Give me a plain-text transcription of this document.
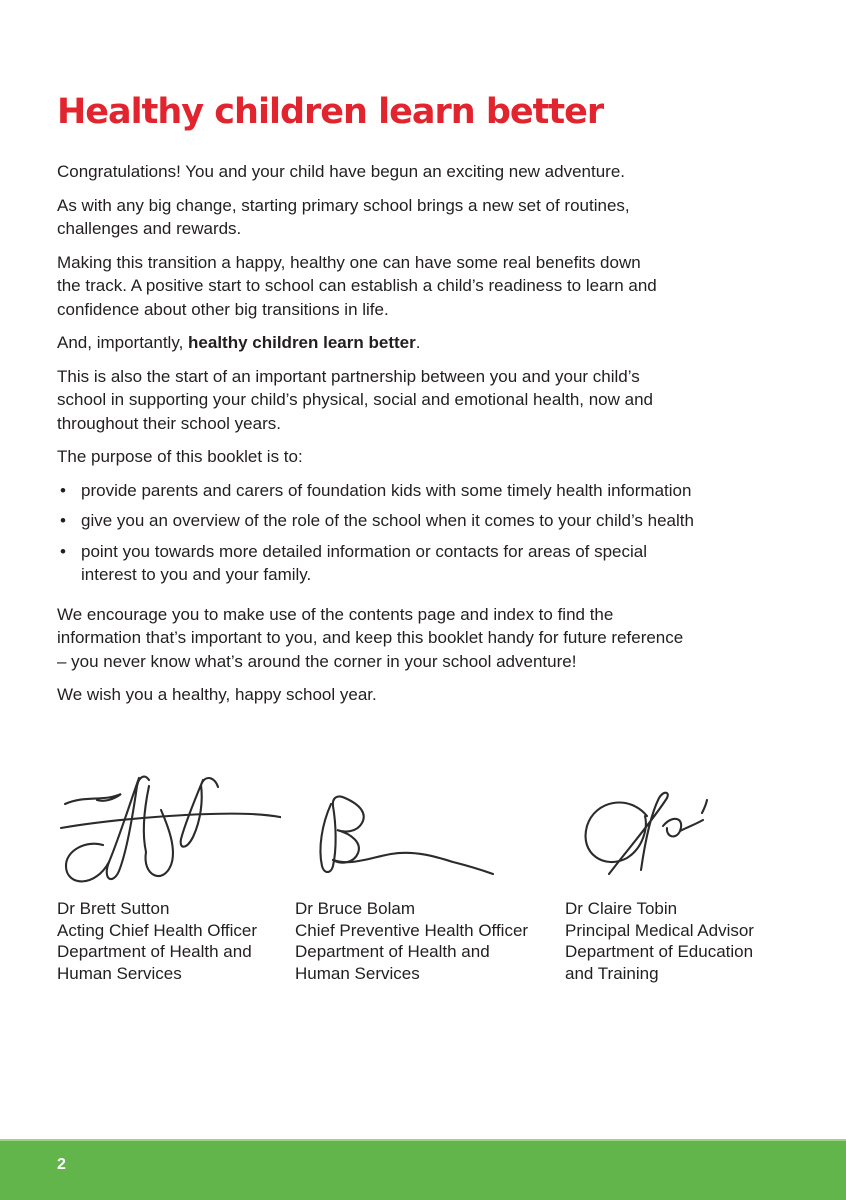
Healthy children learn better

Congratulations! You and your child have begun an exciting new adventure.

As with any big change, starting primary school brings a new set of routines,
challenges and rewards.

Making this transition a happy, healthy one can have some real benefits down
the track. A positive start to school can establish a child’s readiness to learn and
confidence about other big transitions in life.

And, importantly, healthy children learn better.

This is also the start of an important partnership between you and your child’s
school in supporting your child’s physical, social and emotional health, now and
throughout their school years.

The purpose of this booklet is to:

• provide parents and carers of foundation kids with some timely health information
• give you an overview of the role of the school when it comes to your child’s health
• point you towards more detailed information or contacts for areas of special
interest to you and your family.

We encourage you to make use of the contents page and index to find the
information that’s important to you, and keep this booklet handy for future reference
– you never know what’s around the corner in your school adventure!

We wish you a healthy, happy school year.

Dr Brett Sutton
Acting Chief Health Officer
Department of Health and
Human Services
Dr Bruce Bolam
Chief Preventive Health Officer
Department of Health and
Human Services
Dr Claire Tobin
Principal Medical Advisor
Department of Education
and Training
2
